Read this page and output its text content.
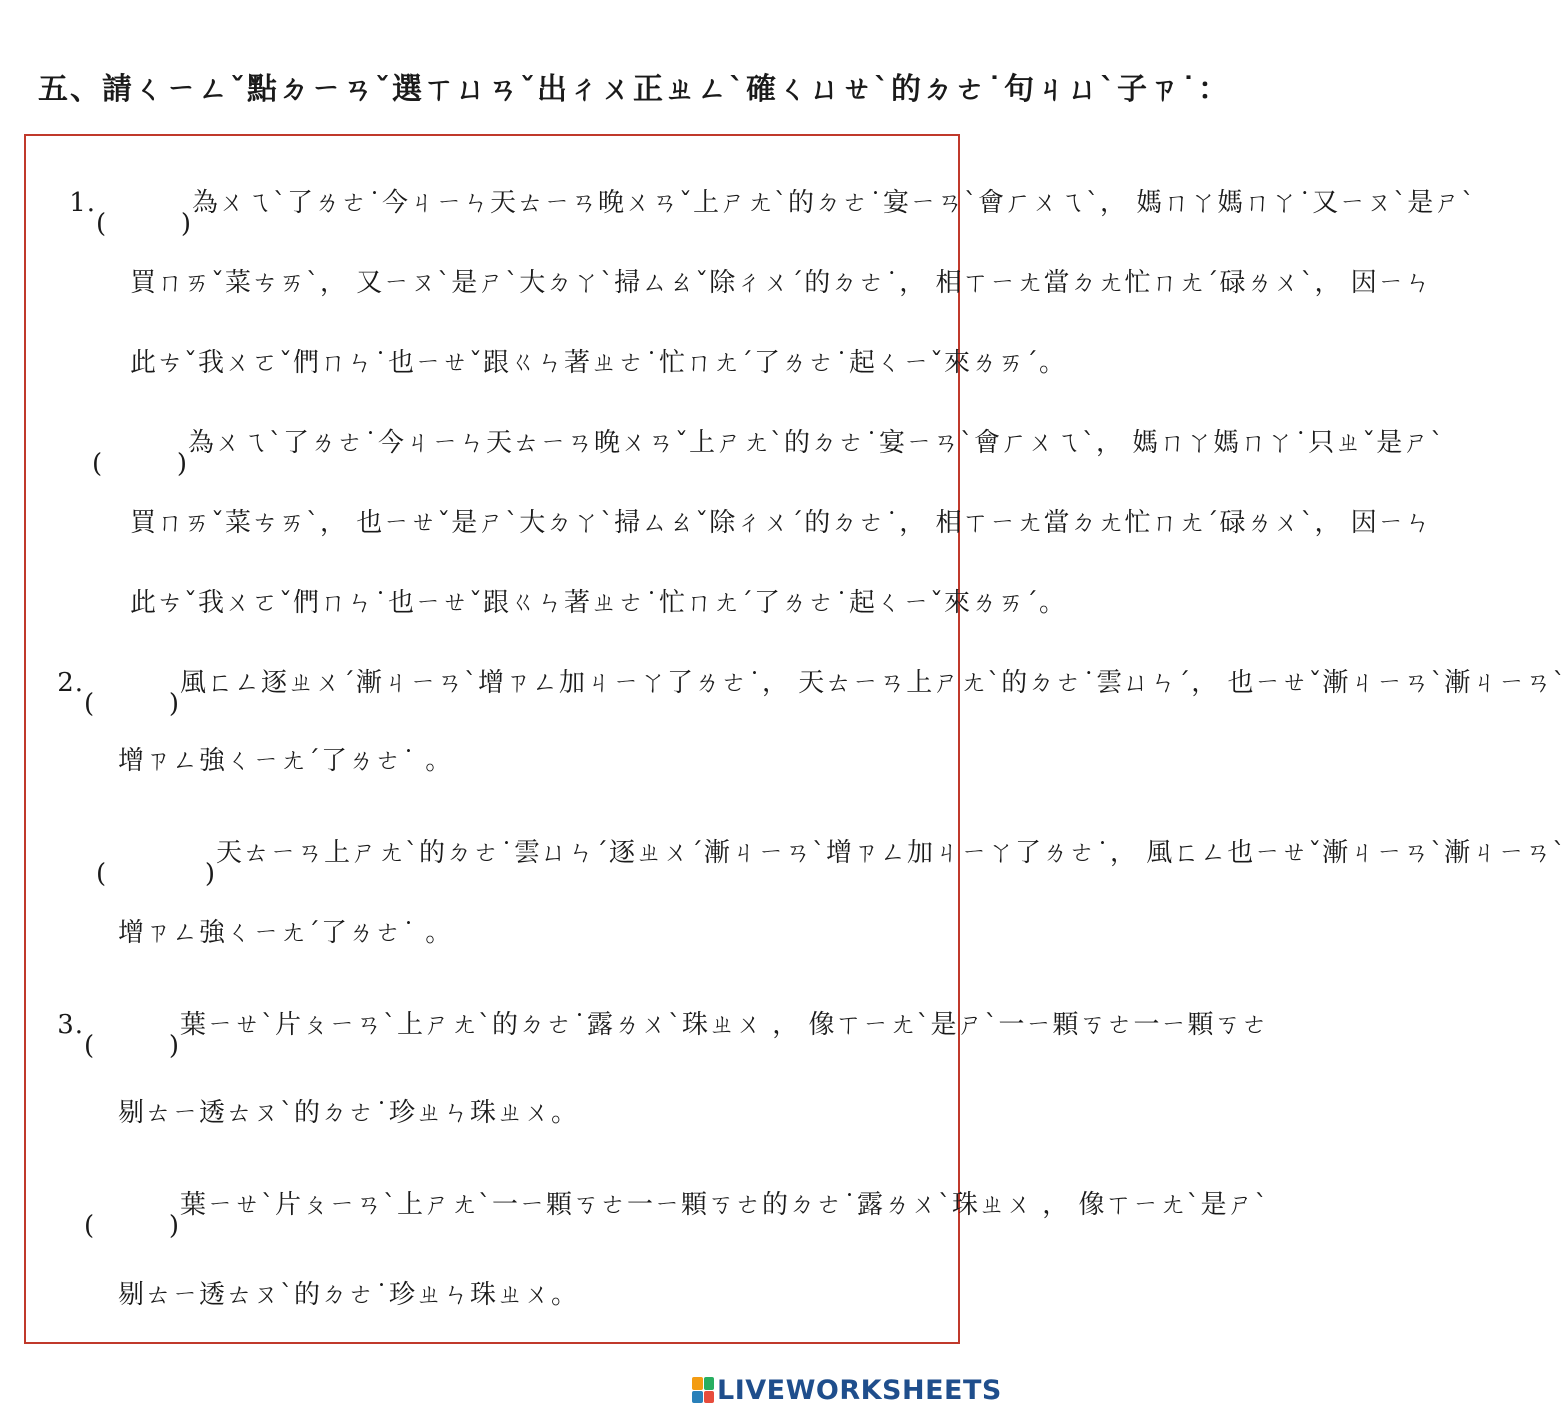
五、請ㄑㄧㄥˇ點ㄉㄧㄢˇ選ㄒㄩㄢˇ出ㄔㄨ正ㄓㄥˋ確ㄑㄩㄝˋ的ㄉㄜ˙句ㄐㄩˋ子ㄗ˙：
1.
(	)
為ㄨㄟˋ了ㄌㄜ˙今ㄐㄧㄣ天ㄊㄧㄢ晚ㄨㄢˇ上ㄕㄤˋ的ㄉㄜ˙宴ㄧㄢˋ會ㄏㄨㄟˋ， 媽ㄇㄚ媽ㄇㄚ˙又ㄧㄡˋ是ㄕˋ
買ㄇㄞˇ菜ㄘㄞˋ， 又ㄧㄡˋ是ㄕˋ大ㄉㄚˋ掃ㄙㄠˇ除ㄔㄨˊ的ㄉㄜ˙， 相ㄒㄧㄤ當ㄉㄤ忙ㄇㄤˊ碌ㄌㄨˋ， 因ㄧㄣ
此ㄘˇ我ㄨㄛˇ們ㄇㄣ˙也ㄧㄝˇ跟ㄍㄣ著ㄓㄜ˙忙ㄇㄤˊ了ㄌㄜ˙起ㄑㄧˇ來ㄌㄞˊ。
(	)
為ㄨㄟˋ了ㄌㄜ˙今ㄐㄧㄣ天ㄊㄧㄢ晚ㄨㄢˇ上ㄕㄤˋ的ㄉㄜ˙宴ㄧㄢˋ會ㄏㄨㄟˋ， 媽ㄇㄚ媽ㄇㄚ˙只ㄓˇ是ㄕˋ
買ㄇㄞˇ菜ㄘㄞˋ， 也ㄧㄝˇ是ㄕˋ大ㄉㄚˋ掃ㄙㄠˇ除ㄔㄨˊ的ㄉㄜ˙， 相ㄒㄧㄤ當ㄉㄤ忙ㄇㄤˊ碌ㄌㄨˋ， 因ㄧㄣ
此ㄘˇ我ㄨㄛˇ們ㄇㄣ˙也ㄧㄝˇ跟ㄍㄣ著ㄓㄜ˙忙ㄇㄤˊ了ㄌㄜ˙起ㄑㄧˇ來ㄌㄞˊ。
2.
(	)
風ㄈㄥ逐ㄓㄨˊ漸ㄐㄧㄢˋ增ㄗㄥ加ㄐㄧㄚ了ㄌㄜ˙， 天ㄊㄧㄢ上ㄕㄤˋ的ㄉㄜ˙雲ㄩㄣˊ， 也ㄧㄝˇ漸ㄐㄧㄢˋ漸ㄐㄧㄢˋ
增ㄗㄥ強ㄑㄧㄤˊ了ㄌㄜ˙ 。
(	)
天ㄊㄧㄢ上ㄕㄤˋ的ㄉㄜ˙雲ㄩㄣˊ逐ㄓㄨˊ漸ㄐㄧㄢˋ增ㄗㄥ加ㄐㄧㄚ了ㄌㄜ˙， 風ㄈㄥ也ㄧㄝˇ漸ㄐㄧㄢˋ漸ㄐㄧㄢˋ
增ㄗㄥ強ㄑㄧㄤˊ了ㄌㄜ˙ 。
3.
(	)
葉ㄧㄝˋ片ㄆㄧㄢˋ上ㄕㄤˋ的ㄉㄜ˙露ㄌㄨˋ珠ㄓㄨ ， 像ㄒㄧㄤˋ是ㄕˋ一ㄧ顆ㄎㄜ一ㄧ顆ㄎㄜ
剔ㄊㄧ透ㄊㄡˋ的ㄉㄜ˙珍ㄓㄣ珠ㄓㄨ。
(	)
葉ㄧㄝˋ片ㄆㄧㄢˋ上ㄕㄤˋ一ㄧ顆ㄎㄜ一ㄧ顆ㄎㄜ的ㄉㄜ˙露ㄌㄨˋ珠ㄓㄨ ， 像ㄒㄧㄤˋ是ㄕˋ
剔ㄊㄧ透ㄊㄡˋ的ㄉㄜ˙珍ㄓㄣ珠ㄓㄨ。
LIVEWORKSHEETS
